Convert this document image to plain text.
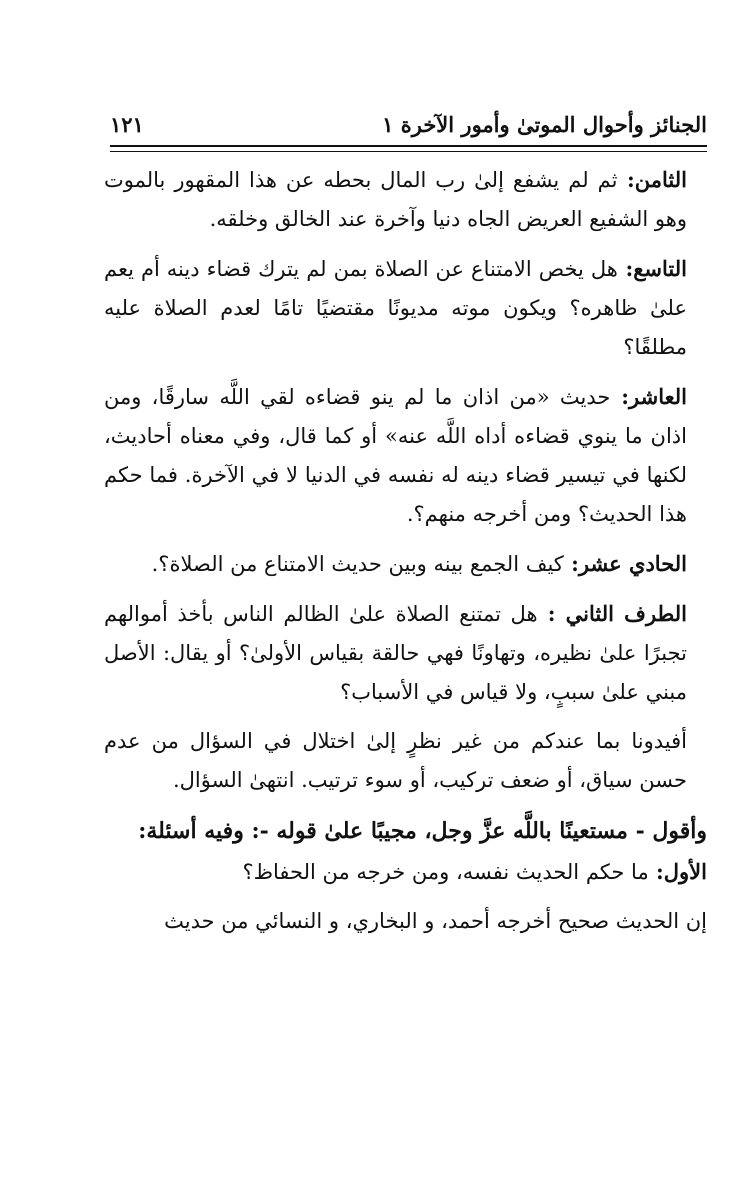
الجنائز وأحوال الموتىٰ وأمور الآخرة ١
١٢١

الثامن: ثم لم يشفع إلىٰ رب المال بحطه عن هذا المقهور بالموت وهو الشفيع العريض الجاه دنيا وآخرة عند الخالق وخلقه.

التاسع: هل يخص الامتناع عن الصلاة بمن لم يترك قضاء دينه أم يعم علىٰ ظاهره؟ ويكون موته مديونًا مقتضيًا تامًا لعدم الصلاة عليه مطلقًا؟

العاشر: حديث «من اذان ما لم ينو قضاءه لقي اللَّه سارقًا، ومن اذان ما ينوي قضاءه أداه اللَّه عنه» أو كما قال، وفي معناه أحاديث، لكنها في تيسير قضاء دينه له نفسه في الدنيا لا في الآخرة. فما حكم هذا الحديث؟ ومن أخرجه منهم؟.

الحادي عشر: كيف الجمع بينه وبين حديث الامتناع من الصلاة؟.

الطرف الثاني : هل تمتنع الصلاة علىٰ الظالم الناس بأخذ أموالهم تجبرًا علىٰ نظيره، وتهاونًا فهي حالقة بقياس الأولىٰ؟ أو يقال: الأصل مبني علىٰ سببٍ، ولا قياس في الأسباب؟

أفيدونا بما عندكم من غير نظرٍ إلىٰ اختلال في السؤال من عدم حسن سياق، أو ضعف تركيب، أو سوء ترتيب. انتهىٰ السؤال.

وأقول - مستعينًا باللَّه عزَّ وجل، مجيبًا علىٰ قوله -: وفيه أسئلة:

الأول: ما حكم الحديث نفسه، ومن خرجه من الحفاظ؟

إن الحديث صحيح أخرجه أحمد، و البخاري، و النسائي من حديث
